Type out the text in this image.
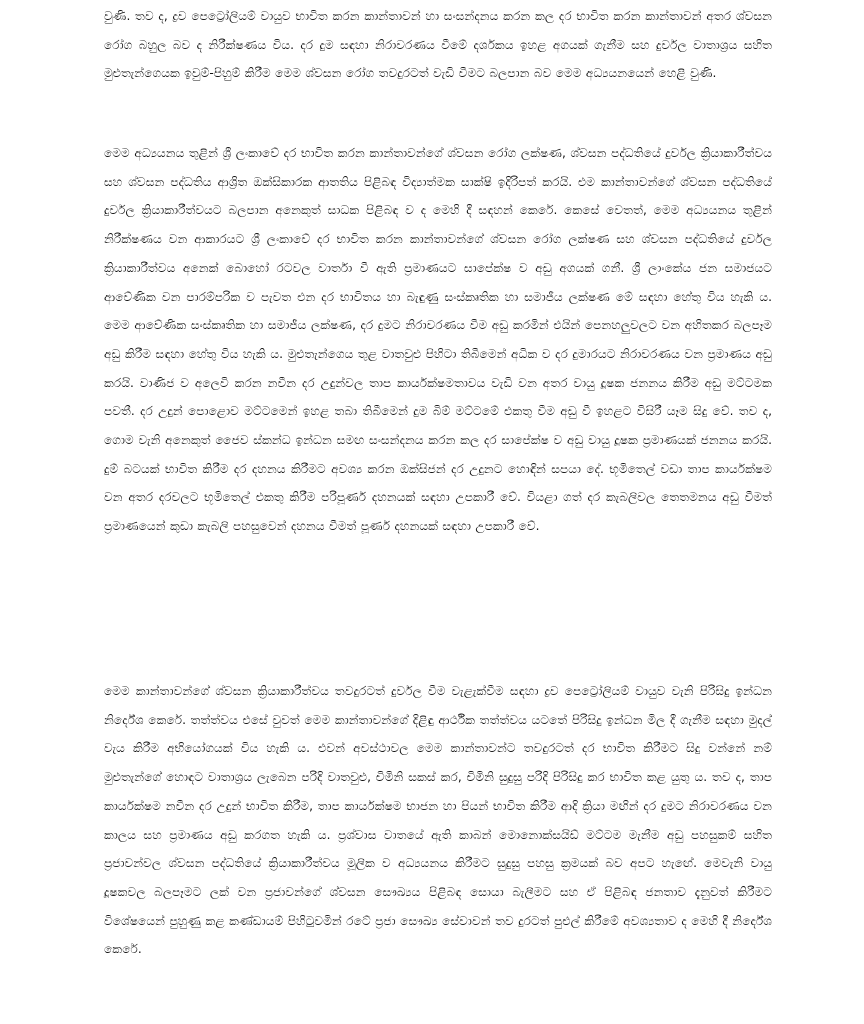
වුණි. තව ද, ද්‍රව පෙට්‍රෝලියම් වායුව භාවිත කරන කාන්තාවන් හා සංසන්දනය කරන කල දර භාවිත කරන කාන්තාවන් අතර ශ්වසන රෝග බහුල බව ද නිරීක්ෂණය විය. දර දුම සඳහා නිරාවරණය වීමේ දර්ශකය ඉහළ අගයක් ගැනීම සහ දුර්වල වාතාශ්‍රය සහිත මුළුතැන්ගෙයක ඉවුම්-පිහුම් කිරීම මෙම ශ්වසන රෝග තවදුරටත් වැඩි වීමට බලපාන බව මෙම අධ්‍යයනයෙන් හෙළි වුණි.

මෙම අධ්‍යයනය තුළින් ශ්‍රී ලංකාවේ දර භාවිත කරන කාන්තාවන්ගේ ශ්වසන රෝග ලක්ෂණ, ශ්වසන පද්ධතියේ දුර්වල ක්‍රියාකාරීත්වය සහ ශ්වසන පද්ධතිය ආශ්‍රිත ඔක්සිකාරක ආතතිය පිළිබඳ විද්‍යාත්මක සාක්ෂි ඉදිරිපත් කරයි. එම කාන්තාවන්ගේ ශ්වසන පද්ධතියේ දුර්වල ක්‍රියාකාරීත්වයට බලපාන අනෙකුත් සාධක පිළිබඳ ව ද මෙහි දී සඳහන් කෙරේ. කෙසේ වෙතත්, මෙම අධ්‍යයනය තුළින් නිරීක්ෂණය වන ආකාරයට ශ්‍රී ලංකාවේ දර භාවිත කරන කාන්තාවන්ගේ ශ්වසන රෝග ලක්ෂණ සහ ශ්වසන පද්ධතියේ දුර්වල ක්‍රියාකාරීත්වය අනෙක් බොහෝ රටවල වාර්තා වී ඇති ප්‍රමාණයට සාපේක්ෂ ව අඩු අගයක් ගනී. ශ්‍රී ලාංකේය ජන සමාජයට ආවේණික වන පාරම්පරික ව පැවත එන දර භාවිතය හා බැඳුණු සංස්කෘතික හා සමාජීය ලක්ෂණ මේ සඳහා හේතු විය හැකි ය. මෙම ආවේණික සංස්කෘතික හා සමාජීය ලක්ෂණ, දර දුමට නිරාවරණය වීම අඩු කරමින් එයින් පෙනහලුවලට වන අහිතකර බලපෑම අඩු කිරීම සඳහා හේතු විය හැකි ය. මුළුතැන්ගෙය තුළ වාතවුළු පිහිටා තිබීමෙන් අධික ව දර දුමාරයට නිරාවරණය වන ප්‍රමාණය අඩු කරයි. වාණිජ ව අලෙවි කරන නවීන දර උදුන්වල තාප කාර්යක්ෂමතාවය වැඩි වන අතර වායු දූෂක ජනනය කිරීම අඩු මට්ටමක පවතී. දර උදුන් පොළොව මට්ටමෙන් ඉහළ තබා තිබීමෙන් දුම බිම් මට්ටමේ එකතු වීම අඩු වී ඉහළට විසිරී යෑම සිදු වේ. තව ද, ගොම වැනි අනෙකුත් ජෛව ස්කන්ධ ඉන්ධන සමඟ සංසන්දනය කරන කල දර සාපේක්ෂ ව අඩු වායු දූෂක ප්‍රමාණයක් ජනනය කරයි. දුම් බටයක් භාවිත කිරීම දර දහනය කිරීමට අවශ්‍ය කරන ඔක්සිජන් දර උදුනට හොඳින් සපයා දේ. භූමිතෙල් වඩා තාප කාර්යක්ෂම වන අතර දරවලට භූමිතෙල් එකතු කිරීම පරිපූර්ණ දහනයක් සඳහා උපකාරී වේ. වියළා ගත් දර කැබලිවල තෙතමනය අඩු වීමත් ප්‍රමාණයෙන් කුඩා කැබලි පහසුවෙන් දහනය වීමත් පූර්ණ දහනයක් සඳහා උපකාරී වේ.

මෙම කාන්තාවන්ගේ ශ්වසන ක්‍රියාකාරීත්වය තවදුරටත් දුර්වල වීම වැළැක්වීම සඳහා ද්‍රව පෙට්‍රෝලියම් වායුව වැනි පිරිසිදු ඉන්ධන නිර්දේශ කෙරේ. තත්ත්වය එසේ වුවත් මෙම කාන්තාවන්ගේ දිළිඳු ආර්ථික තත්ත්වය යටතේ පිරිසිදු ඉන්ධන මිල දී ගැනීම සඳහා මුදල් වැය කිරීම අභියෝගයක් විය හැකි ය. එවන් අවස්ථාවල මෙම කාන්තාවන්ට තවදුරටත් දර භාවිත කිරීමට සිදු වන්නේ නම් මුළුතැන්ගේ හොඳට වාතාශ්‍රය ලැබෙන පරිදි වාතවුළු, චිමිනි සකස් කර, චිමිනි සුදුසු පරිදි පිරිසිදු කර භාවිත කළ යුතු ය. තව ද, තාප කාර්යක්ෂම නවීන දර උදුන් භාවිත කිරීම, තාප කාර්යක්ෂම භාජන හා පියන් භාවිත කිරීම ආදි ක්‍රියා මඟින් දර දුමට නිරාවරණය වන කාලය සහ ප්‍රමාණය අඩු කරගත හැකි ය. ප්‍රශ්වාස වාතයේ ඇති කාබන් මොනොක්සයිඩ් මට්ටම මැනීම අඩු පහසුකම් සහිත ප්‍රජාවන්වල ශ්වසන පද්ධතියේ ක්‍රියාකාරීත්වය මූලික ව අධ්‍යයනය කිරීමට සුදුසු පහසු ක්‍රමයක් බව අපට හැඟේ. මෙවැනි වායු දූෂකවල බලපෑමට ලක් වන ප්‍රජාවන්ගේ ශ්වසන සෞඛ්‍යය පිළිබඳ සොයා බැලීමට සහ ඒ පිළිබඳ ජනතාව දැනුවත් කිරීමට විශේෂයෙන් පුහුණු කළ කණ්ඩායම් පිහිටුවමින් රටේ ප්‍රජා සෞඛ්‍ය සේවාවන් තව දුරටත් පුළුල් කිරීමේ අවශ්‍යතාව ද මෙහි දී නිර්දේශ කෙරේ.
